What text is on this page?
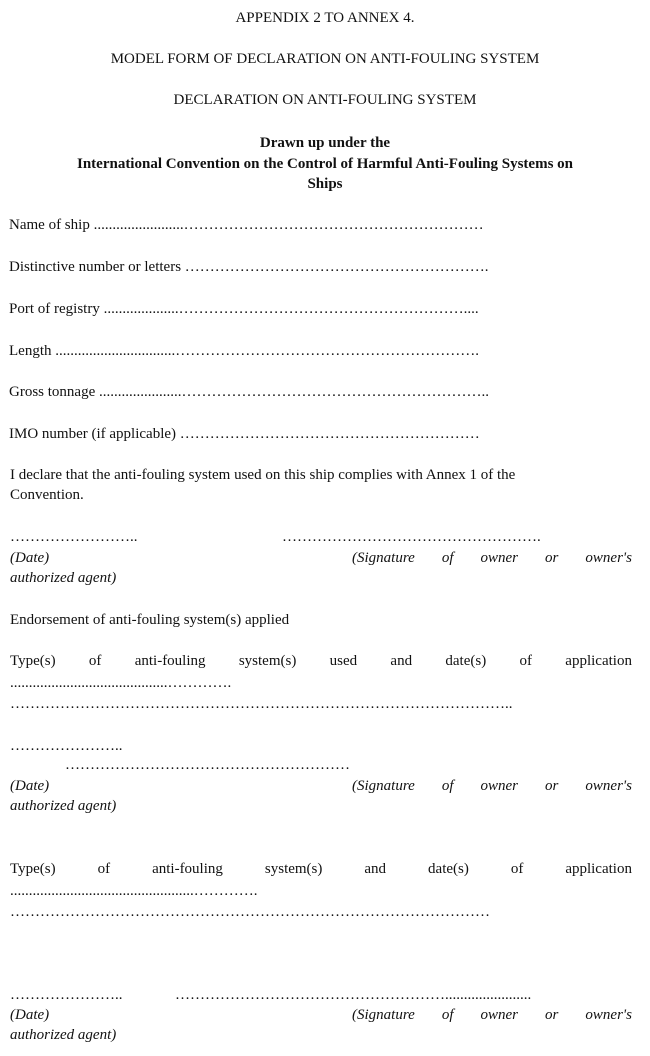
APPENDIX 2 TO ANNEX 4.
MODEL FORM OF DECLARATION ON ANTI-FOULING SYSTEM
DECLARATION ON ANTI-FOULING SYSTEM
Drawn up under the
International Convention on the Control of Harmful Anti-Fouling Systems on
Ships
Name of ship ........................……………………………………………………
Distinctive number or letters …………………………………………………….
Port of registry ....................…………………………………………………....
Length ................................…………………………………………………….
Gross tonnage ......................……………………………………………………..
IMO number (if applicable) ……………………………………………………
I declare that the anti-fouling system used on this ship complies with Annex 1 of the
Convention.
……………………..	…………………………………………….
(Date)	(Signature of owner or owner's
authorized agent)
Endorsement of anti-fouling system(s) applied
Type(s) of anti-fouling system(s) used and date(s) of application
..........................................………….
………………………………………………………………………………………..
…………………..
…………………………………………………
(Date)	(Signature of owner or owner's
authorized agent)
Type(s)	of	anti-fouling	system(s)	and	date(s)	of	application
.................................................………….
……………………………………………………………………………………
…………………..	……………………………………………….......................
(Date)	(Signature of owner or owner's
authorized agent)
